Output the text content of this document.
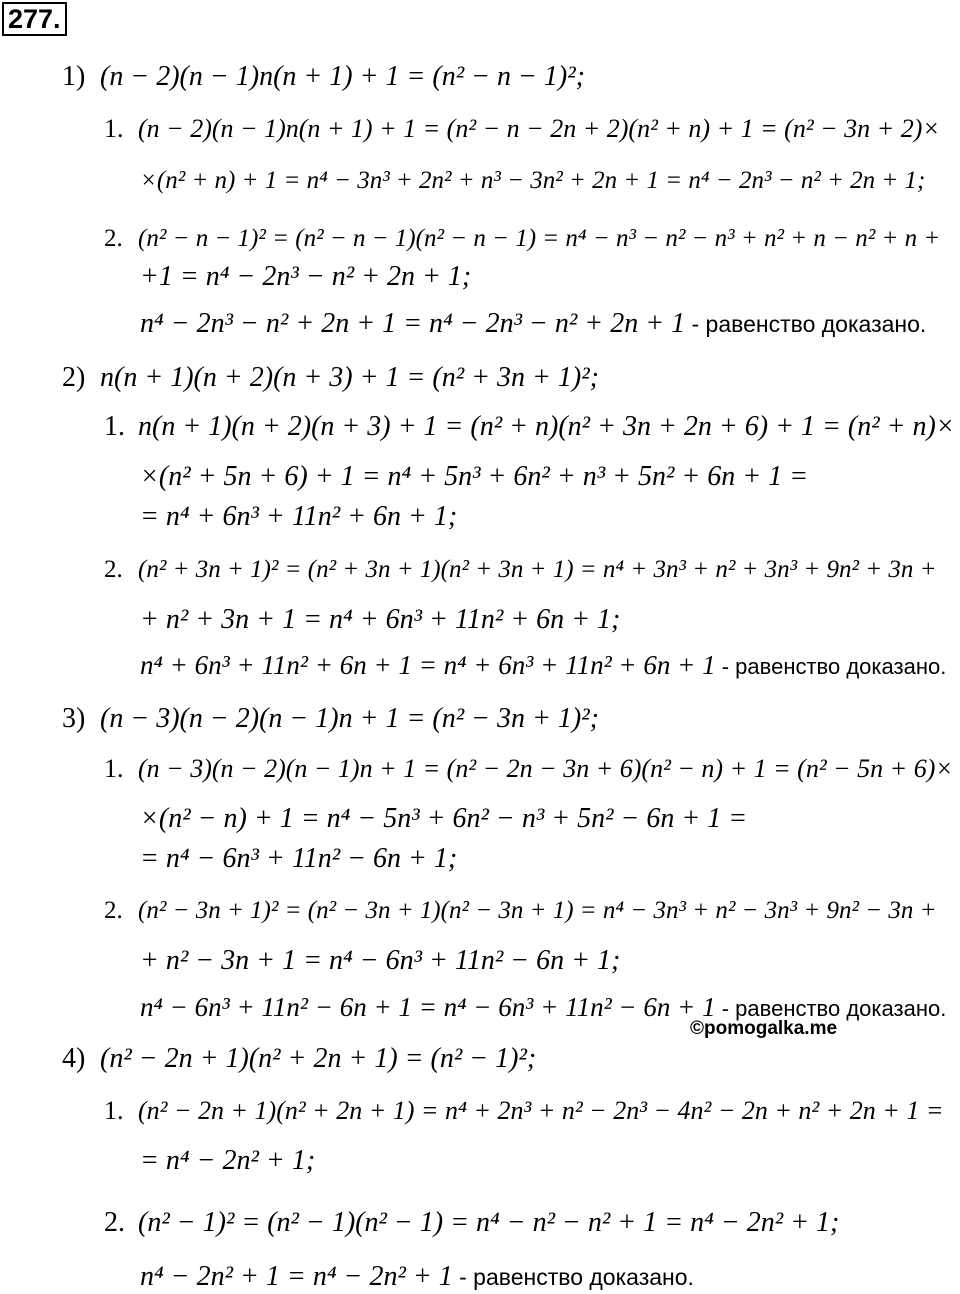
277.
1) (n − 2)(n − 1)n(n + 1) + 1 = (n² − n − 1)²;
1. (n − 2)(n − 1)n(n + 1) + 1 = (n² − n − 2n + 2)(n² + n) + 1 = (n² − 3n + 2)×
×(n² + n) + 1 = n⁴ − 3n³ + 2n² + n³ − 3n² + 2n + 1 = n⁴ − 2n³ − n² + 2n + 1;
2. (n² − n − 1)² = (n² − n − 1)(n² − n − 1) = n⁴ − n³ − n² − n³ + n² + n − n² + n +
+1 = n⁴ − 2n³ − n² + 2n + 1;
n⁴ − 2n³ − n² + 2n + 1 = n⁴ − 2n³ − n² + 2n + 1 - равенство доказано.
2) n(n + 1)(n + 2)(n + 3) + 1 = (n² + 3n + 1)²;
1. n(n + 1)(n + 2)(n + 3) + 1 = (n² + n)(n² + 3n + 2n + 6) + 1 = (n² + n)×
×(n² + 5n + 6) + 1 = n⁴ + 5n³ + 6n² + n³ + 5n² + 6n + 1 =
= n⁴ + 6n³ + 11n² + 6n + 1;
2. (n² + 3n + 1)² = (n² + 3n + 1)(n² + 3n + 1) = n⁴ + 3n³ + n² + 3n³ + 9n² + 3n +
+ n² + 3n + 1 = n⁴ + 6n³ + 11n² + 6n + 1;
n⁴ + 6n³ + 11n² + 6n + 1 = n⁴ + 6n³ + 11n² + 6n + 1 - равенство доказано.
3) (n − 3)(n − 2)(n − 1)n + 1 = (n² − 3n + 1)²;
1. (n − 3)(n − 2)(n − 1)n + 1 = (n² − 2n − 3n + 6)(n² − n) + 1 = (n² − 5n + 6)×
×(n² − n) + 1 = n⁴ − 5n³ + 6n² − n³ + 5n² − 6n + 1 =
= n⁴ − 6n³ + 11n² − 6n + 1;
2. (n² − 3n + 1)² = (n² − 3n + 1)(n² − 3n + 1) = n⁴ − 3n³ + n² − 3n³ + 9n² − 3n +
+ n² − 3n + 1 = n⁴ − 6n³ + 11n² − 6n + 1;
n⁴ − 6n³ + 11n² − 6n + 1 = n⁴ − 6n³ + 11n² − 6n + 1 - равенство доказано.
4) (n² − 2n + 1)(n² + 2n + 1) = (n² − 1)²;
1. (n² − 2n + 1)(n² + 2n + 1) = n⁴ + 2n³ + n² − 2n³ − 4n² − 2n + n² + 2n + 1 =
= n⁴ − 2n² + 1;
2. (n² − 1)² = (n² − 1)(n² − 1) = n⁴ − n² − n² + 1 = n⁴ − 2n² + 1;
n⁴ − 2n² + 1 = n⁴ − 2n² + 1 - равенство доказано.
©pomogalka.me
